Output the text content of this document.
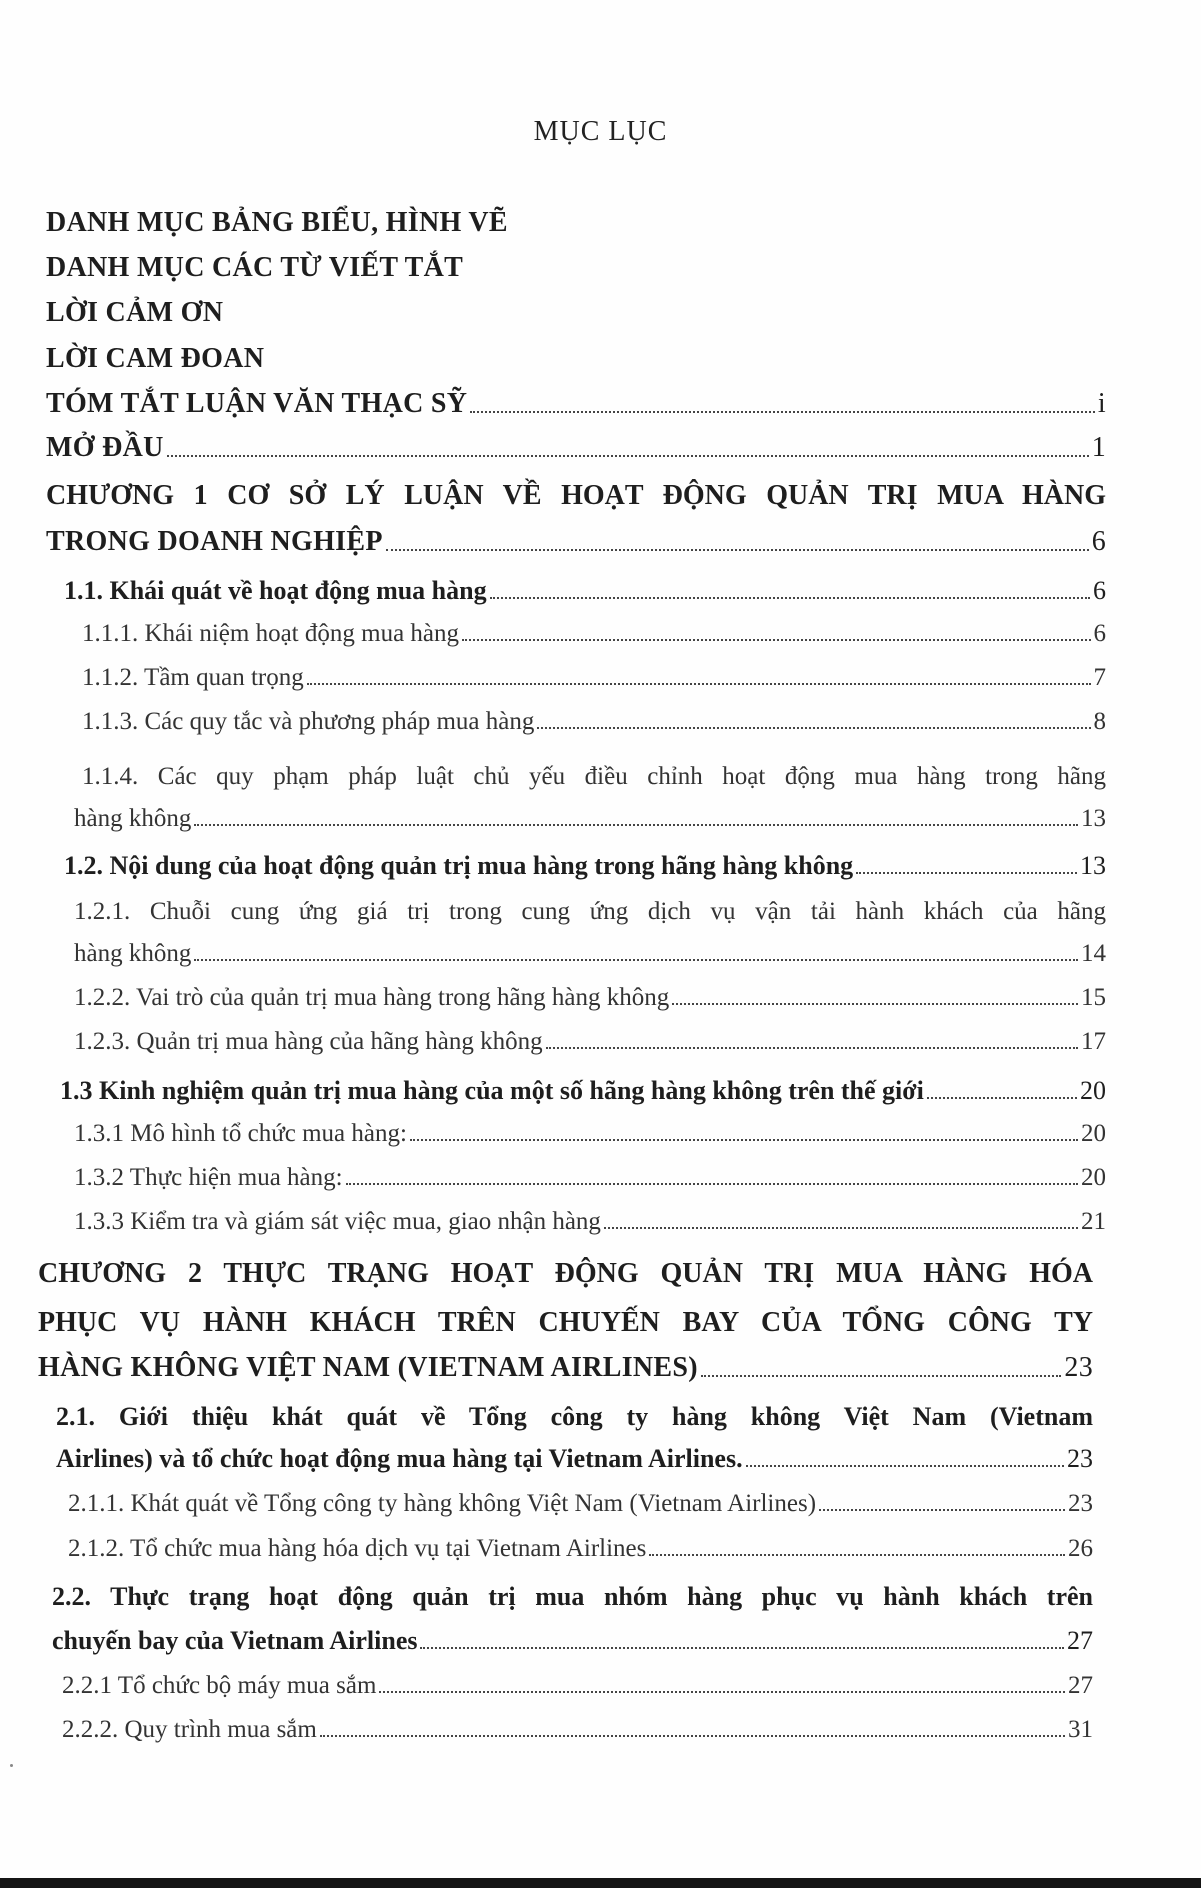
MỤC LỤC
DANH MỤC BẢNG BIỂU, HÌNH VẼ
DANH MỤC CÁC TỪ VIẾT TẮT
LỜI CẢM ƠN
LỜI CAM ĐOAN
TÓM TẮT LUẬN VĂN THẠC SỸ	i
MỞ ĐẦU	1
CHƯƠNG 1 CƠ SỞ LÝ LUẬN VỀ HOẠT ĐỘNG QUẢN TRỊ MUA HÀNG
TRONG DOANH NGHIỆP	6
1.1. Khái quát về hoạt động mua hàng	6
1.1.1. Khái niệm hoạt động mua hàng	6
1.1.2. Tầm quan trọng	7
1.1.3. Các quy tắc và phương pháp mua hàng	8
1.1.4. Các quy phạm pháp luật chủ yếu điều chỉnh hoạt động mua hàng trong hãng
hàng không	13
1.2. Nội dung của hoạt động quản trị mua hàng trong hãng hàng không	13
1.2.1. Chuỗi cung ứng giá trị trong cung ứng dịch vụ vận tải hành khách của hãng
hàng không	14
1.2.2. Vai trò của quản trị mua hàng trong hãng hàng không	15
1.2.3. Quản trị mua hàng của hãng hàng không	17
1.3 Kinh nghiệm quản trị mua hàng của một số hãng hàng không trên thế giới	20
1.3.1 Mô hình tổ chức mua hàng:	20
1.3.2 Thực hiện mua hàng:	20
1.3.3 Kiểm tra và giám sát việc mua, giao nhận hàng	21
CHƯƠNG 2 THỰC TRẠNG HOẠT ĐỘNG QUẢN TRỊ MUA HÀNG HÓA
PHỤC VỤ HÀNH KHÁCH TRÊN CHUYẾN BAY CỦA TỔNG CÔNG TY
HÀNG KHÔNG VIỆT NAM (VIETNAM AIRLINES)	23
2.1. Giới thiệu khát quát về Tổng công ty hàng không Việt Nam (Vietnam
Airlines) và tổ chức hoạt động mua hàng tại Vietnam Airlines.	23
2.1.1. Khát quát về Tổng công ty hàng không Việt Nam (Vietnam Airlines)	23
2.1.2. Tổ chức mua hàng hóa dịch vụ tại Vietnam Airlines	26
2.2. Thực trạng hoạt động quản trị mua nhóm hàng phục vụ hành khách trên
chuyến bay của Vietnam Airlines	27
2.2.1 Tổ chức bộ máy mua sắm	27
2.2.2. Quy trình mua sắm	31
